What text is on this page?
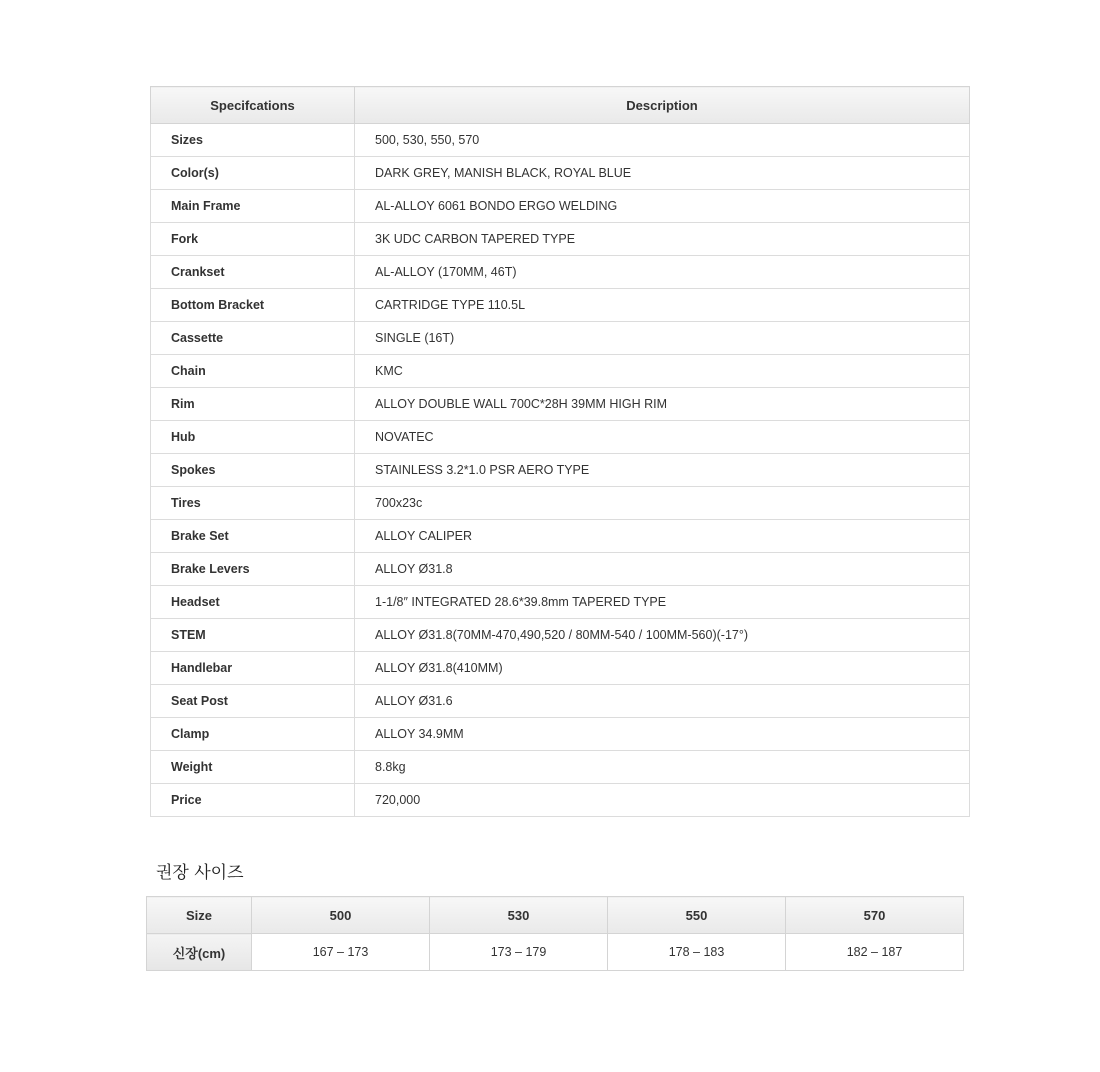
Specifcations	Description
Sizes	500, 530, 550, 570
Color(s)	DARK GREY, MANISH BLACK, ROYAL BLUE
Main Frame	AL-ALLOY 6061 BONDO ERGO WELDING
Fork	3K UDC CARBON TAPERED TYPE
Crankset	AL-ALLOY (170MM, 46T)
Bottom Bracket	CARTRIDGE TYPE 110.5L
Cassette	SINGLE (16T)
Chain	KMC
Rim	ALLOY DOUBLE WALL 700C*28H 39MM HIGH RIM
Hub	NOVATEC
Spokes	STAINLESS 3.2*1.0 PSR AERO TYPE
Tires	700x23c
Brake Set	ALLOY CALIPER
Brake Levers	ALLOY Ø31.8
Headset	1-1/8″ INTEGRATED 28.6*39.8mm TAPERED TYPE
STEM	ALLOY Ø31.8(70MM-470,490,520 / 80MM-540 / 100MM-560)(-17°)
Handlebar	ALLOY Ø31.8(410MM)
Seat Post	ALLOY Ø31.6
Clamp	ALLOY 34.9MM
Weight	8.8kg
Price	720,000
권장 사이즈
Size	500	530	550	570
신장(cm)	167 – 173	173 – 179	178 – 183	182 – 187
